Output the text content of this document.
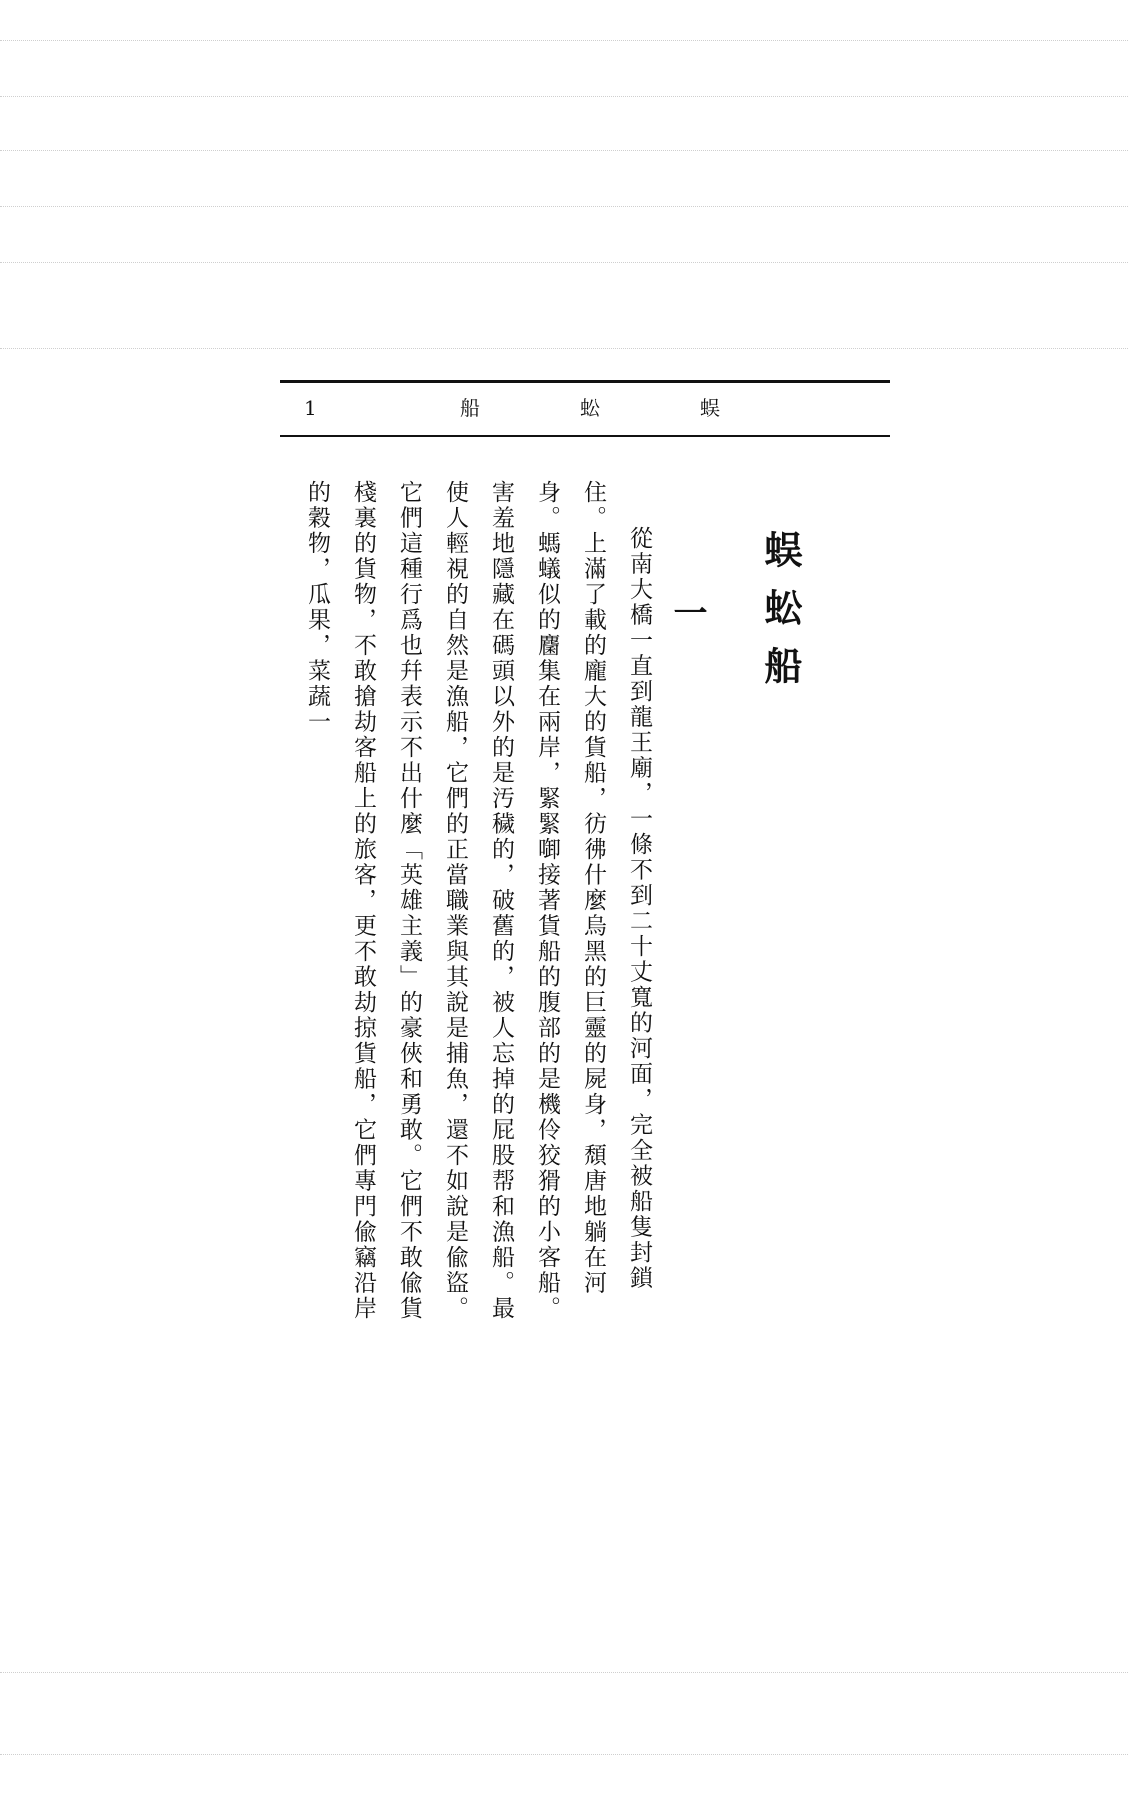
1	蜈
蚣
船
蜈蚣船
一

從南大橋一直到龍王廟，一條不到二十丈寬的河面，完全被船隻封鎖住。上滿了載的龐大的貨船，彷彿什麼烏黑的巨靈的屍身，頹唐地躺在河身。螞蟻似的麕集在兩岸，緊緊啣接著貨船的腹部的是機伶狡猾的小客船。害羞地隱藏在碼頭以外的是汚穢的，破舊的，被人忘掉的屁股帮和漁船。最使人輕視的自然是漁船，它們的正當職業與其說是捕魚，還不如說是偸盜。它們這種行爲也幷表示不出什麼「英雄主義」的豪俠和勇敢。它們不敢偸貨棧裏的貨物，不敢搶劫客船上的旅客，更不敢劫掠貨船，它們專門偸竊沿岸的穀物，瓜果，菜蔬一
